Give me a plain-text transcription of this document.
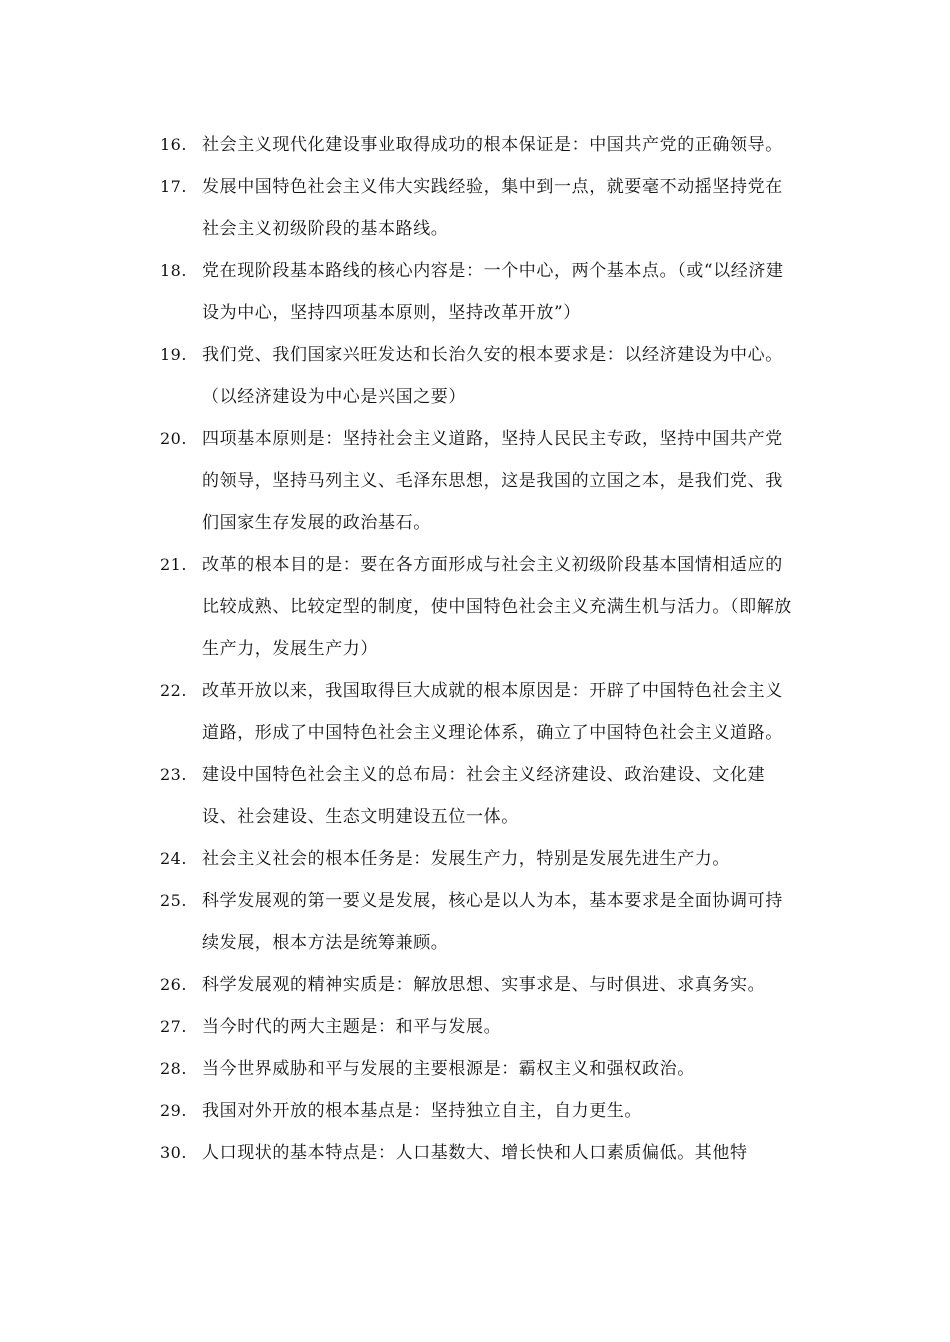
16. 社会主义现代化建设事业取得成功的根本保证是：中国共产党的正确领导。
17. 发展中国特色社会主义伟大实践经验，集中到一点，就要毫不动摇坚持党在社会主义初级阶段的基本路线。
18. 党在现阶段基本路线的核心内容是：一个中心，两个基本点。（或“以经济建设为中心，坚持四项基本原则，坚持改革开放”）
19. 我们党、我们国家兴旺发达和长治久安的根本要求是：以经济建设为中心。（以经济建设为中心是兴国之要）
20. 四项基本原则是：坚持社会主义道路，坚持人民民主专政，坚持中国共产党的领导，坚持马列主义、毛泽东思想，这是我国的立国之本，是我们党、我们国家生存发展的政治基石。
21. 改革的根本目的是：要在各方面形成与社会主义初级阶段基本国情相适应的比较成熟、比较定型的制度，使中国特色社会主义充满生机与活力。（即解放生产力，发展生产力）
22. 改革开放以来，我国取得巨大成就的根本原因是：开辟了中国特色社会主义道路，形成了中国特色社会主义理论体系，确立了中国特色社会主义道路。
23. 建设中国特色社会主义的总布局：社会主义经济建设、政治建设、文化建设、社会建设、生态文明建设五位一体。
24. 社会主义社会的根本任务是：发展生产力，特别是发展先进生产力。
25. 科学发展观的第一要义是发展，核心是以人为本，基本要求是全面协调可持续发展，根本方法是统筹兼顾。
26. 科学发展观的精神实质是：解放思想、实事求是、与时俱进、求真务实。
27. 当今时代的两大主题是：和平与发展。
28. 当今世界威胁和平与发展的主要根源是：霸权主义和强权政治。
29. 我国对外开放的根本基点是：坚持独立自主，自力更生。
30. 人口现状的基本特点是：人口基数大、增长快和人口素质偏低。其他特
